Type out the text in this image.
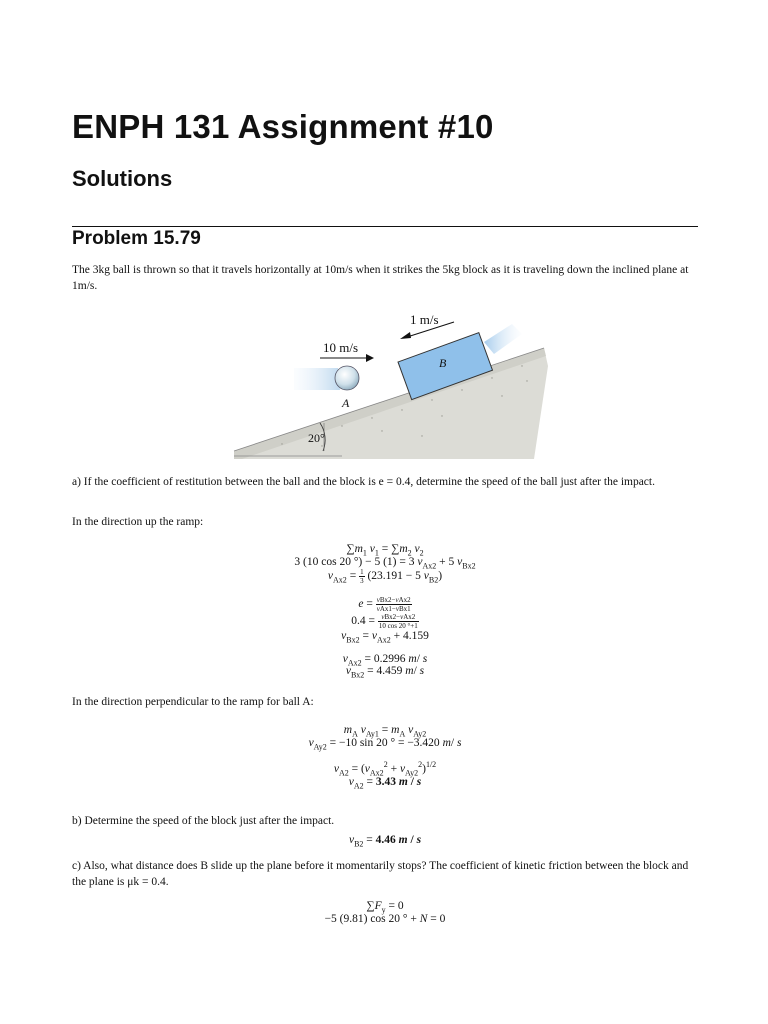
ENPH 131 Assignment #10
Solutions
Problem 15.79

The 3kg ball is thrown so that it travels horizontally at 10m/s when it strikes the 5kg block as it is traveling down the inclined plane at 1m/s.

20°
B
1 m/s
A
10 m/s

a) If the coefficient of restitution between the ball and the block is e = 0.4, determine the speed of the ball just after the impact.

In the direction up the ramp:

$\sum m_1$ $v_1 = \sum m_2$ $v_2$
3 (10 cos 20 °) − 5 (1) = 3 $v_{Ax2} + 5$ $v_{Bx2}$
$v_{Ax2} = \frac{1}{3} (23.191 - 5$ $v_{B2}$)
$e = \frac{\text{vBx2−vAx2}}{\text{vAx1−vBx1}}$
$0.4 = \frac{\text{vBx2−vAx2}}{10 \cos 20 ^\circ+1}$
$v_{Bx2} = v_{Ax2} + 4.159$
$v_{Ax2} = 0.2996$ m/ s
$v_{Bx2} = 4.459$ m/ s

In the direction perpendicular to the ramp for ball A:

$m_A$ $v_{Ay1} = m_A$ $v_{Ay2}$
$v_{Ay2} = -10$ sin 20 ° = −3.420 m/ s
$v_{A2} = (v_{Ax2}^2 + v_{Ay2}^2)^{1/2}$
$v_{A2} = 3.43$ m / s

b) Determine the speed of the block just after the impact.

$v_{B2} = 4.46$ m / s

c) Also, what distance does B slide up the plane before it momentarily stops? The coefficient of kinetic friction between the block and the plane is μk = 0.4.

$\sum F_y = 0$
−5 (9.81) cos 20 ° + N = 0
